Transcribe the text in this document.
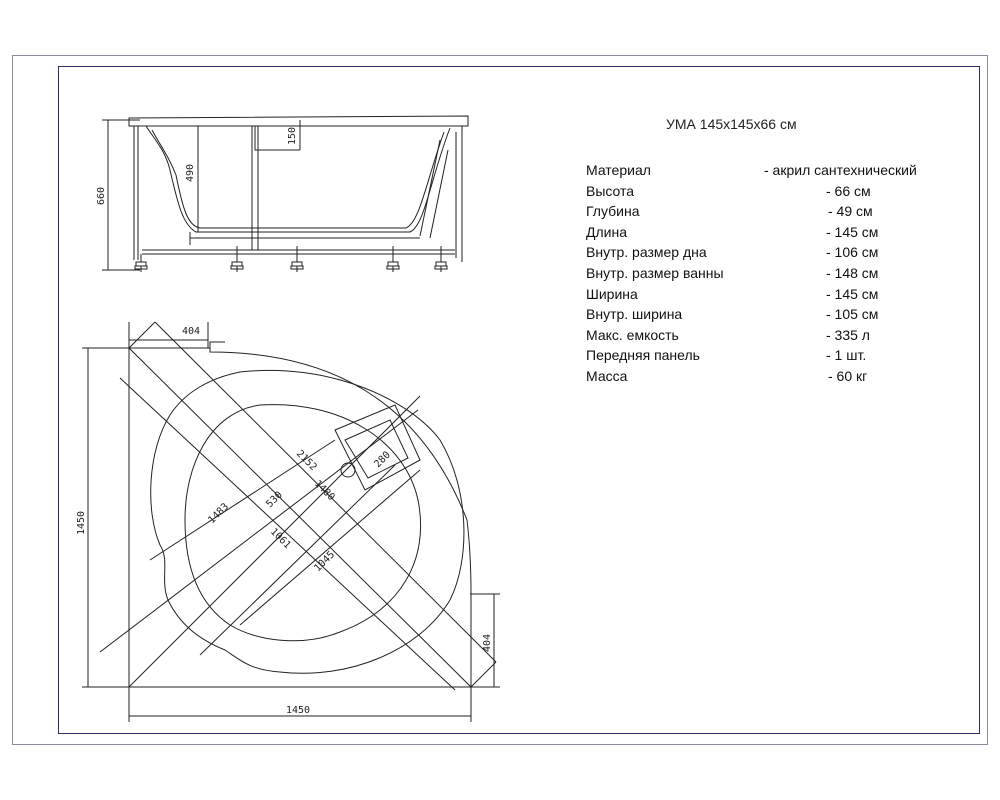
660
490
150
404
1450
1450
404
2152
1480
1483
530
1061
1045
280
УМА 145х145х66 см
Материал	- акрил сантехнический
Высота	- 66 см
Глубина	- 49 см
Длина	- 145 см
Внутр. размер дна	- 106 см
Внутр. размер ванны	- 148 см
Ширина	- 145 см
Внутр. ширина	- 105 см
Макс. емкость	- 335 л
Передняя панель	- 1 шт.
Масса	- 60 кг
